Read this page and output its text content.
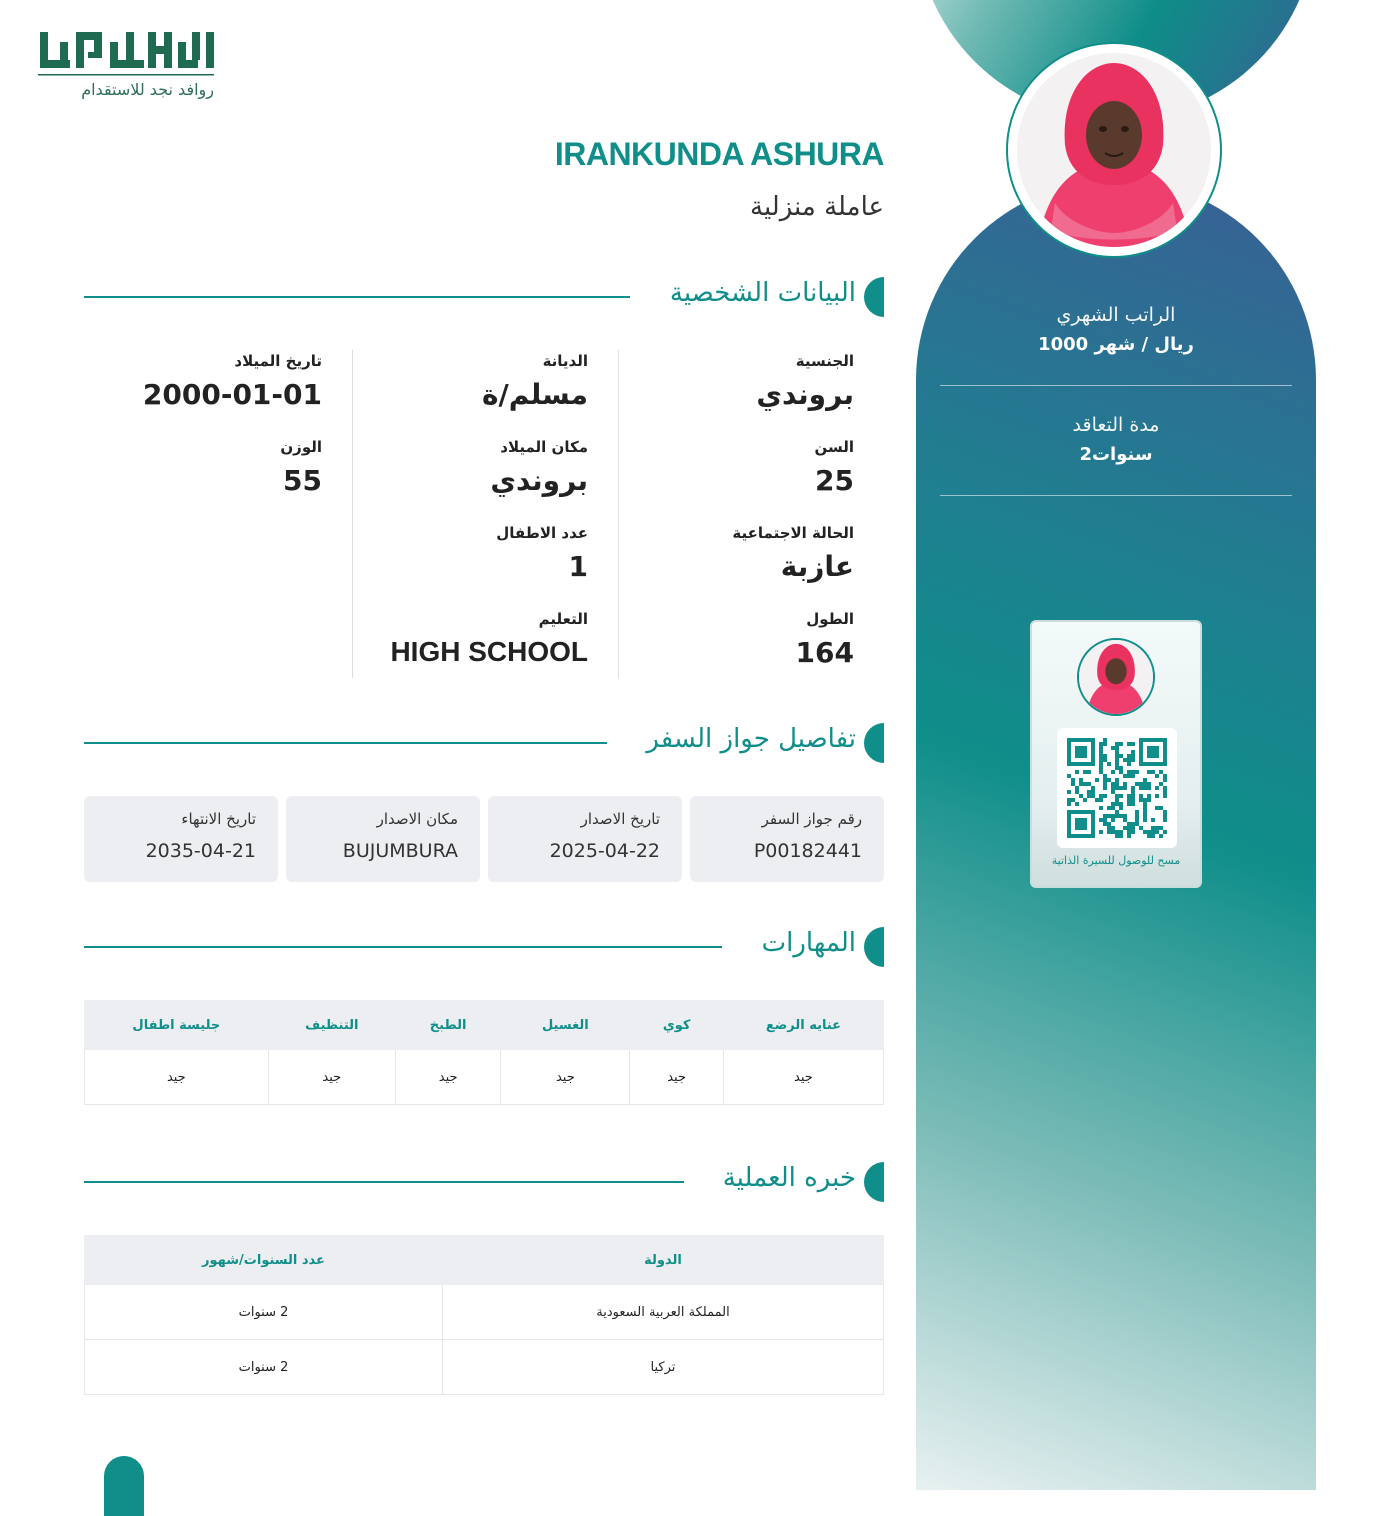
روافد نجد للاستقدام
IRANKUNDA ASHURA
عاملة منزلية
البيانات الشخصية
الجنسية
بروندي
السن
25
الحالة الاجتماعية
عازبة
الطول
164
الديانة
مسلم/ة
مكان الميلاد
بروندي
عدد الاطفال
1
التعليم
HIGH SCHOOL
تاريخ الميلاد
2000-01-01
الوزن
55
تفاصيل جواز السفر
رقم جواز السفر
P00182441
تاريخ الاصدار
2025-04-22
مكان الاصدار
BUJUMBURA
تاريخ الانتهاء
2035-04-21
المهارات
عنايه الرضع	كوي	الغسيل	الطبخ	التنظيف	جليسة اطفال
جيد	جيد	جيد	جيد	جيد	جيد
خبره العملية
الدولة	عدد السنوات/شهور
المملكة العربية السعودية	2 سنوات
تركيا	2 سنوات
الراتب الشهري
1000 ريال / شهر
مدة التعاقد
2سنوات
مسح للوصول للسيرة الذاتية
